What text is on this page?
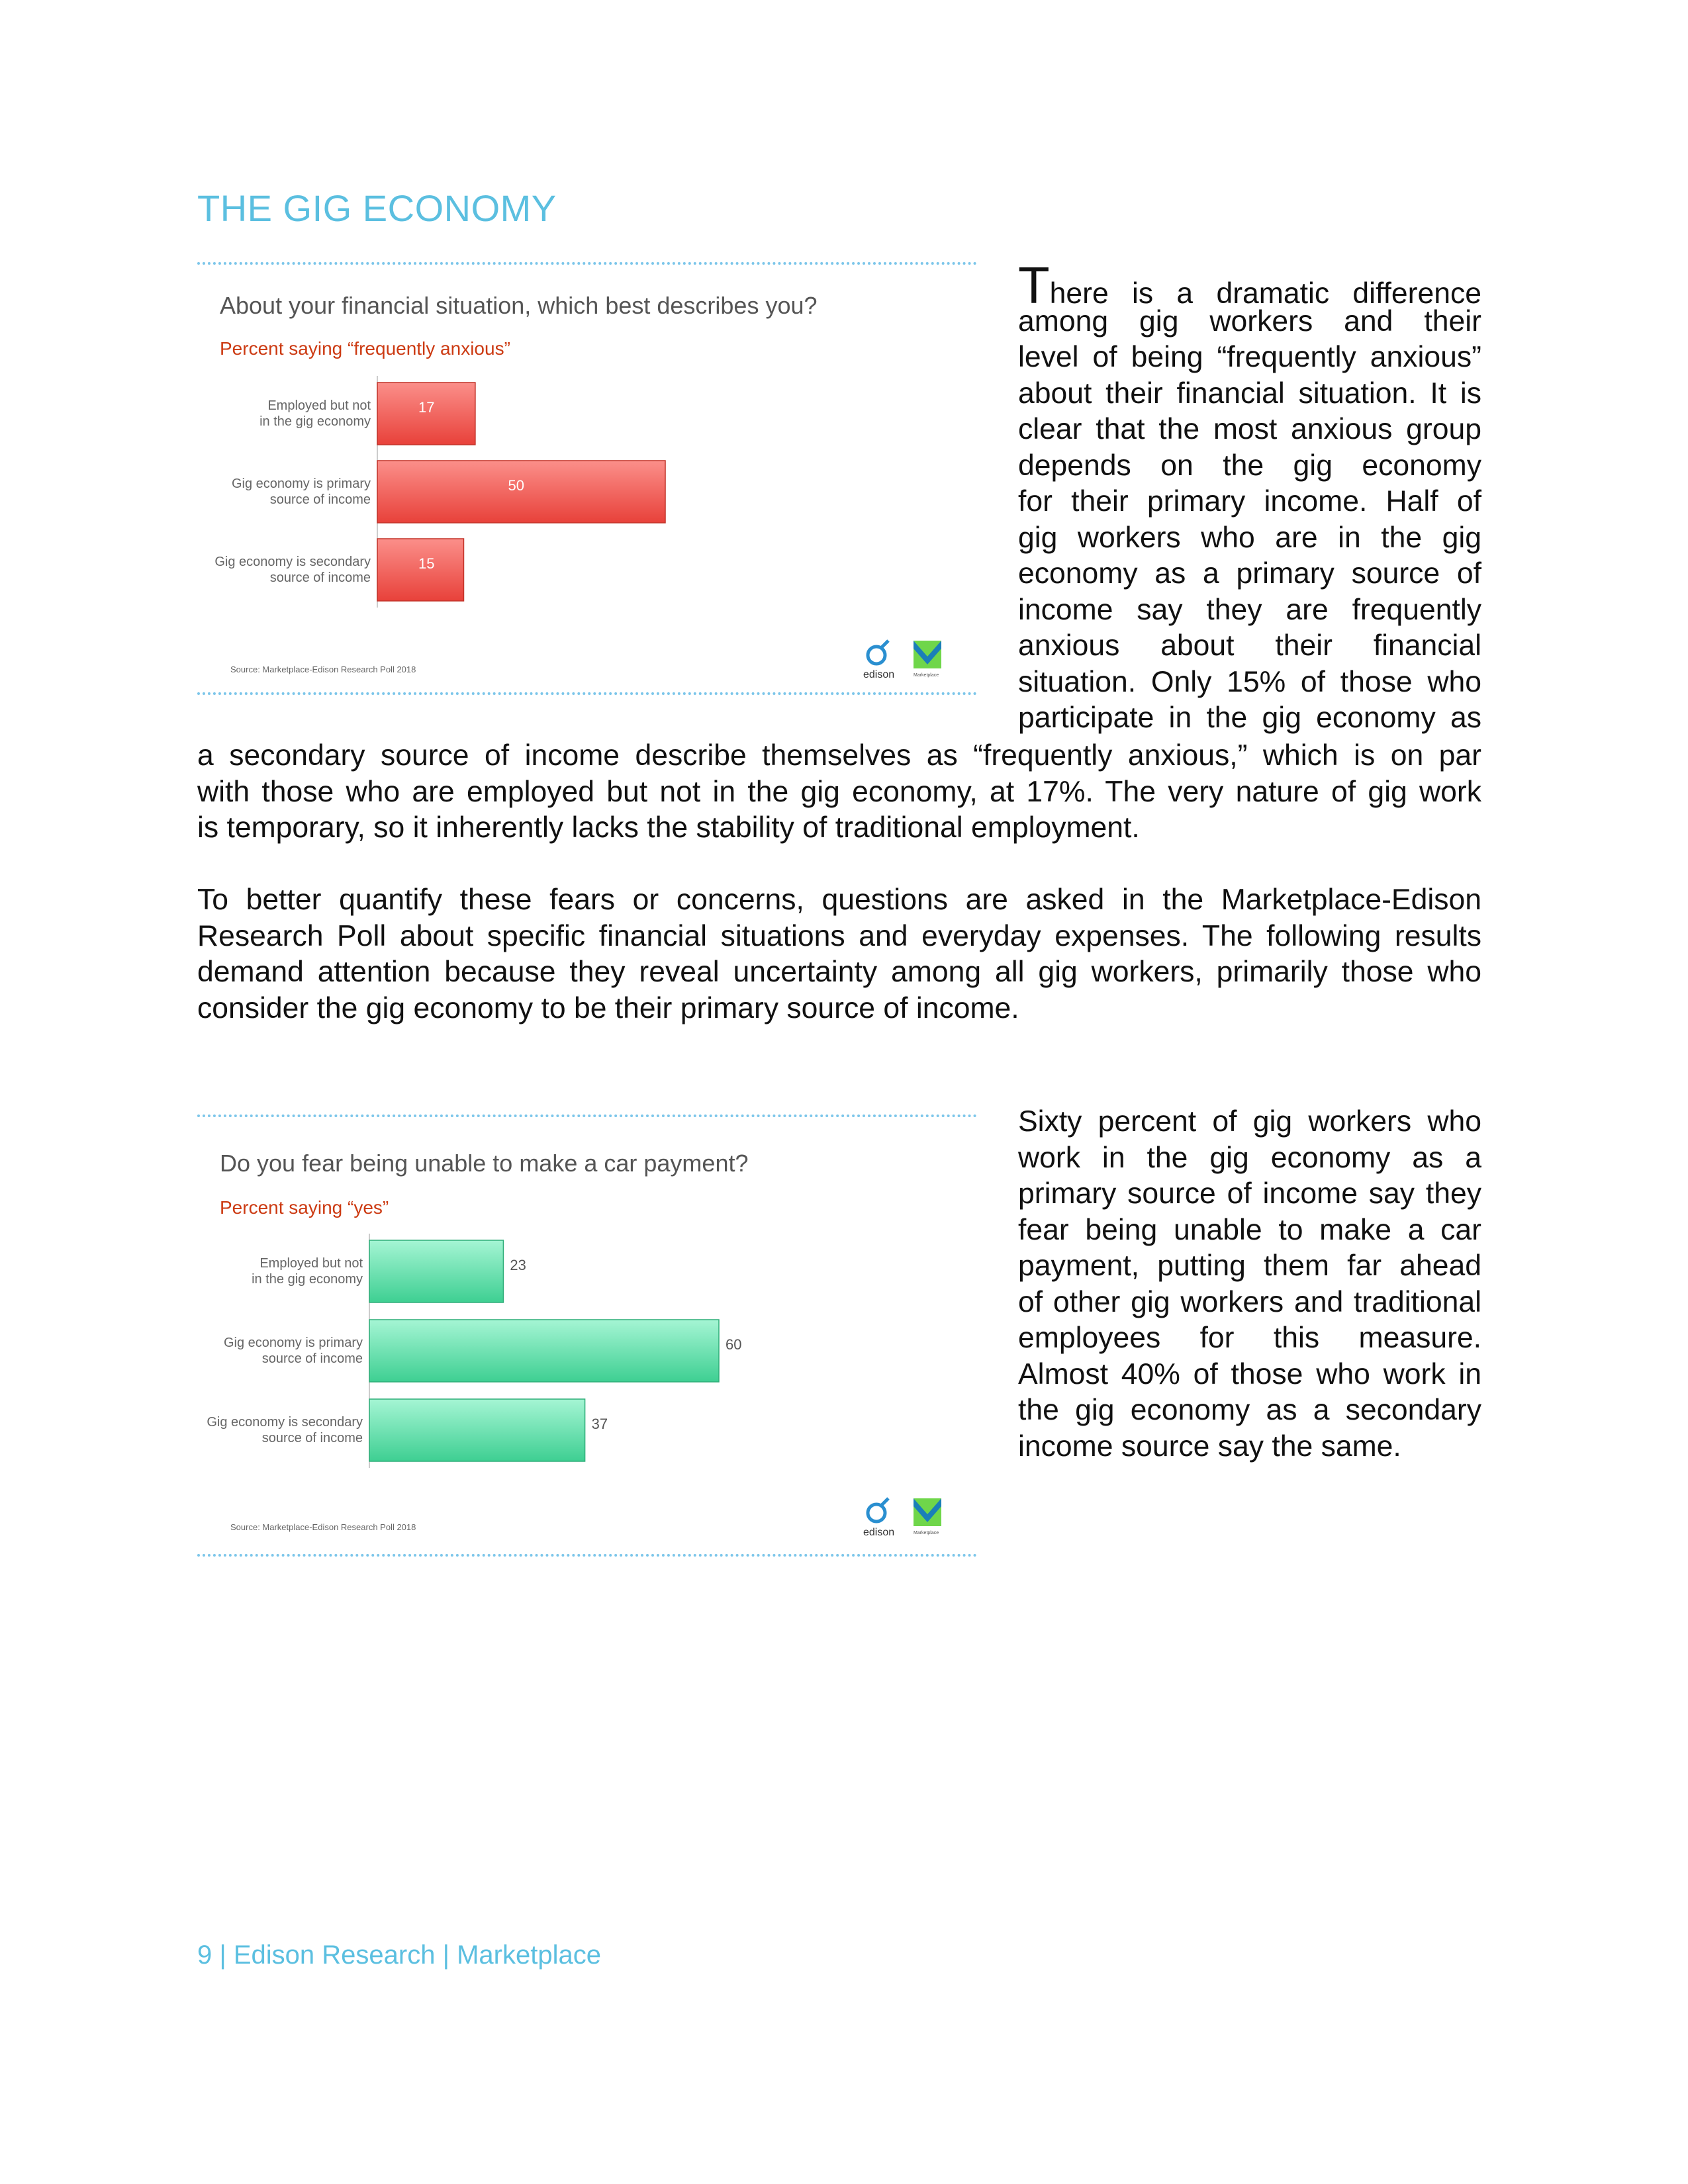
THE GIG ECONOMY
About your financial situation, which best describes you?
Percent saying “frequently anxious”
Employed but not
in the gig economy
17
Gig economy is primary
source of income
50
Gig economy is secondary
source of income
15
Source: Marketplace-Edison Research Poll 2018	edison	Marketplace
Do you fear being unable to make a car payment?
Percent saying “yes”
Employed but not
in the gig economy
23
Gig economy is primary
source of income
60
Gig economy is secondary
source of income
37
Source: Marketplace-Edison Research Poll 2018	edison	Marketplace
There is a dramatic difference
among gig workers and their
level of being “frequently anxious”
about their financial situation. It is
clear that the most anxious group
depends on the gig economy
for their primary income. Half of
gig workers who are in the gig
economy as a primary source of
income say they are frequently
anxious about their financial
situation. Only 15% of those who
participate in the gig economy as
a secondary source of income describe themselves as “frequently anxious,” which is on par
with those who are employed but not in the gig economy, at 17%. The very nature of gig work
is temporary, so it inherently lacks the stability of traditional employment.
To better quantify these fears or concerns, questions are asked in the Marketplace-Edison
Research Poll about specific financial situations and everyday expenses. The following results
demand attention because they reveal uncertainty among all gig workers, primarily those who
consider the gig economy to be their primary source of income.
Sixty percent of gig workers who
work in the gig economy as a
primary source of income say they
fear being unable to make a car
payment, putting them far ahead
of other gig workers and traditional
employees for this measure.
Almost 40% of those who work in
the gig economy as a secondary
income source say the same.
9 | Edison Research | Marketplace
